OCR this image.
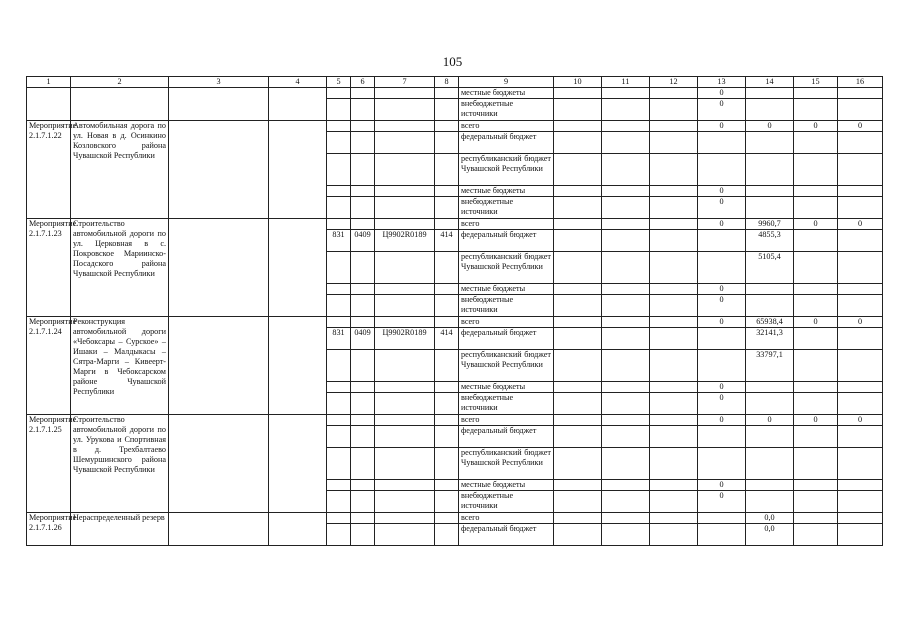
105
1	2	3	4	5	6	7	8	9	10	11	12	13	14	15	16
								местные бюджеты				0			
								внебюджетные источники				0			
Мероприятие 2.1.7.1.22	Автомобильная дорога по ул. Новая в д. Осинкино Козловского района Чувашской Республики							всего				0	0	0	0
								федеральный бюджет							
								республиканский бюджет Чувашской Республики							
								местные бюджеты				0			
								внебюджетные источники				0			
Мероприятие 2.1.7.1.23	Строительство автомобильной дороги по ул. Церковная в с. Покровское Мариинско-Посадского района Чувашской Республики							всего				0	9960,7	0	0
				831	0409	Ц9902R0189	414	федеральный бюджет					4855,3		
								республиканский бюджет Чувашской Республики					5105,4		
								местные бюджеты				0			
								внебюджетные источники				0			
Мероприятие 2.1.7.1.24	Реконструкция автомобильной дороги «Чебоксары – Сурское» – Ишаки – Малдыкасы – Сятра-Марги – Кивеерт-Марги в Чебоксарском районе Чувашской Республики							всего				0	65938,4	0	0
				831	0409	Ц9902R0189	414	федеральный бюджет					32141,3		
								республиканский бюджет Чувашской Республики					33797,1		
								местные бюджеты				0			
								внебюджетные источники				0			
Мероприятие 2.1.7.1.25	Строительство автомобильной дороги по ул. Урукова и Спортивная в д. Трехбалтаево Шемуршинского района Чувашской Республики							всего				0	0	0	0
								федеральный бюджет							
								республиканский бюджет Чувашской Республики							
								местные бюджеты				0			
								внебюджетные источники				0			
Мероприятие 2.1.7.1.26	Нераспределенный резерв							всего					0,0		
								федеральный бюджет					0,0		
